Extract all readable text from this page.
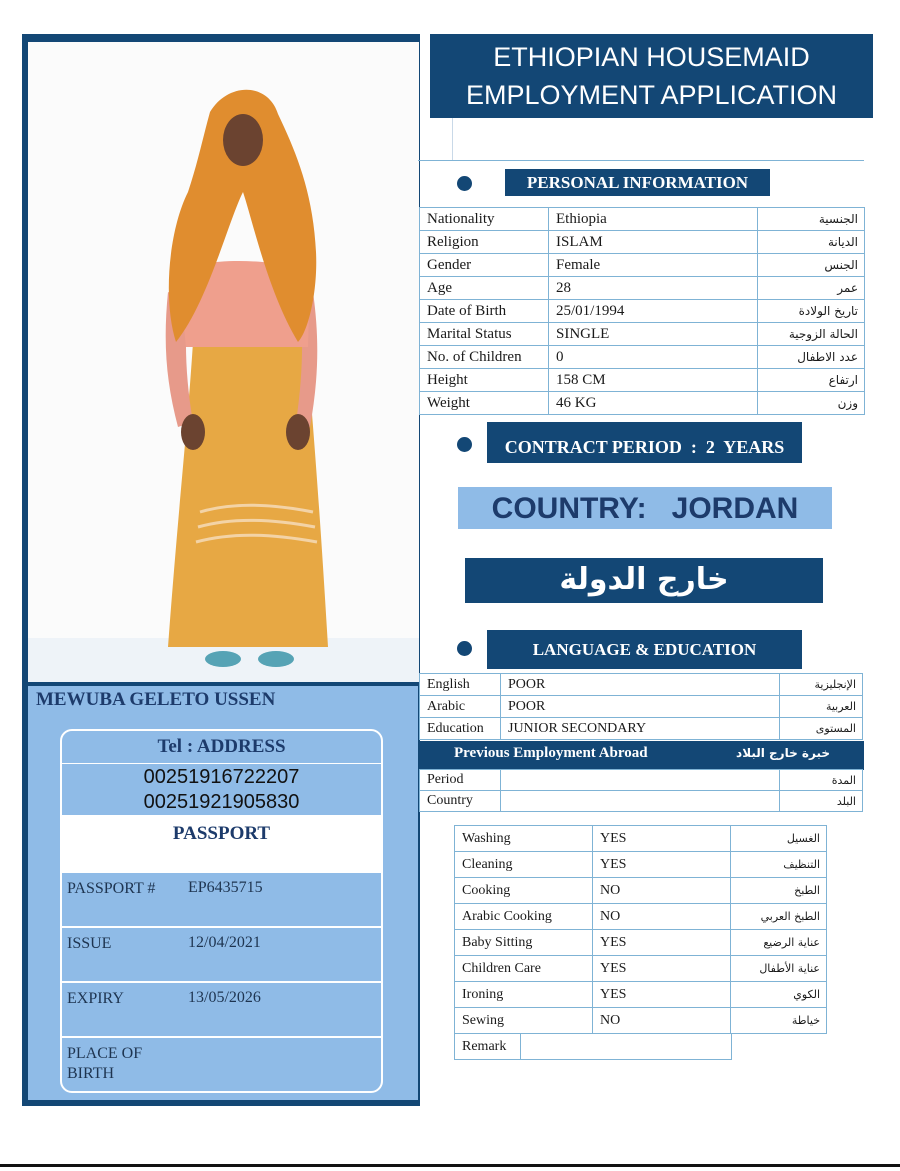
MEWUBA GELETO USSEN
Tel : ADDRESS
00251916722207
00251921905830
PASSPORT
PASSPORT # EP6435715
ISSUE	12/04/2021
EXPIRY	13/05/2026
PLACE OF BIRTH
ETHIOPIAN HOUSEMAID
EMPLOYMENT APPLICATION
PERSONAL INFORMATION
Nationality	Ethiopia	الجنسية
Religion	ISLAM	الديانة
Gender	Female	الجنس
Age	28	عمر
Date of Birth	25/01/1994	تاريخ الولادة
Marital Status	SINGLE	الحالة الزوجية
No. of Children	0	عدد الاطفال
Height	158 CM	ارتفاع
Weight	46 KG	وزن
CONTRACT PERIOD  :  2  YEARS
COUNTRY:   JORDAN
خارج الدولة
LANGUAGE & EDUCATION
English	POOR	الإنجليزية
Arabic	POOR	العربية
Education	JUNIOR SECONDARY	المستوى
Previous Employment Abroad	خبرة خارج البلاد
Period		المدة
Country		البلد
Washing	YES	الغسيل
Cleaning	YES	التنظيف
Cooking	NO	الطبخ
Arabic Cooking	NO	الطبخ العربي
Baby Sitting	YES	عناية الرضيع
Children Care	YES	عناية الأطفال
Ironing	YES	الكوي
Sewing	NO	خياطة
Remark	
